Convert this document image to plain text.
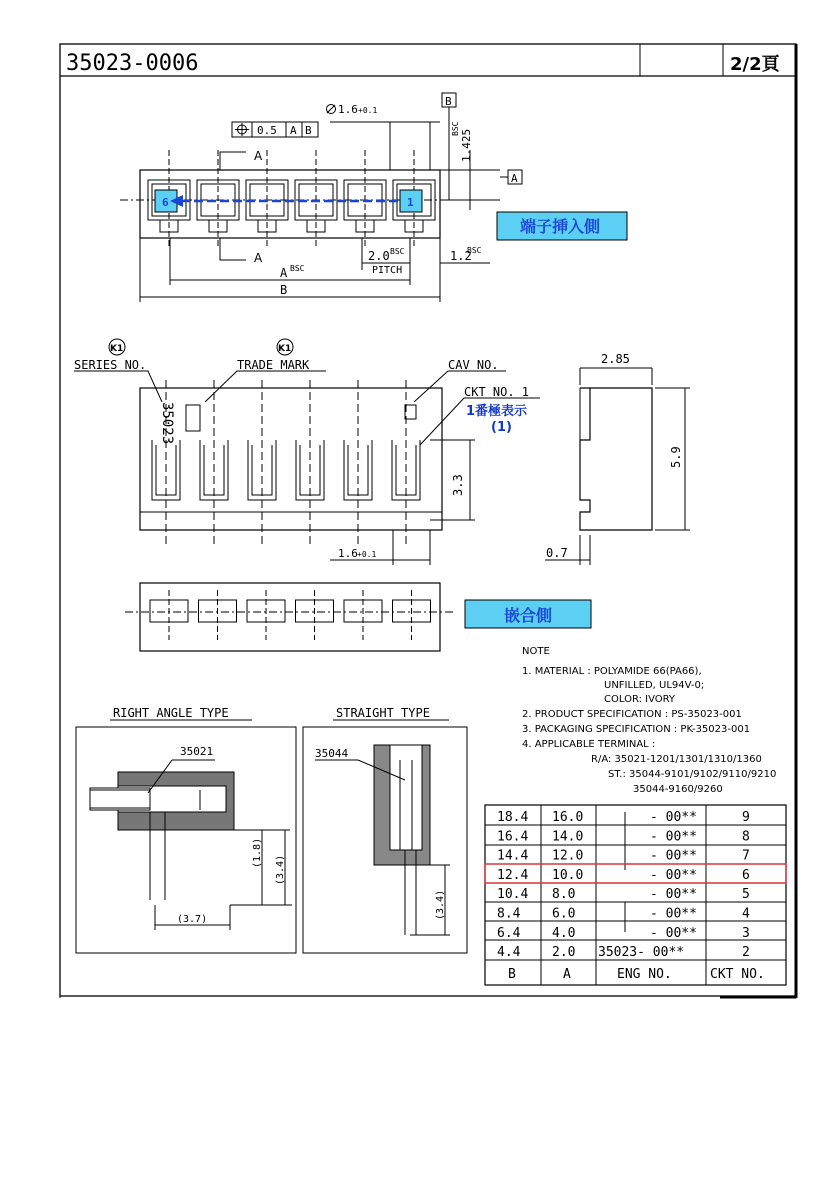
35023-0006	2/2頁
0.5 A B
1.6 +0.1
B
A
1.425
BSC
A
A
6	1
端子挿入側
A BSC
B
2.0 BSC
PITCH
1.2
BSC
K1	K1
SERIES NO.	TRADE MARK	CAV NO.
CKT NO. 1
1番極表示
(1)
35023
3.3
1.6 +0.1
2.85
5.9
0.7
嵌合側
NOTE
1. MATERIAL : POLYAMIDE 66(PA66),
UNFILLED, UL94V-0;
COLOR: IVORY
2. PRODUCT SPECIFICATION : PS-35023-001
3. PACKAGING SPECIFICATION : PK-35023-001
4. APPLICABLE TERMINAL :
R/A: 35021-1201/1301/1310/1360
ST.: 35044-9101/9102/9110/9210
35044-9160/9260
RIGHT ANGLE TYPE	STRAIGHT TYPE
35021
(1.8)
(3.4)
(3.7)
35044
(3.4)
18.4 16.0	- 00**	9
16.4 14.0	- 00**	8
14.4 12.0	- 00**	7
12.4 10.0	- 00**	6
10.4 8.0	- 00**	5
8.4 6.0	- 00**	4
6.4 4.0	- 00**	3
4.4 2.0 35023- 00**	2
B	A	ENG NO.	CKT NO.
